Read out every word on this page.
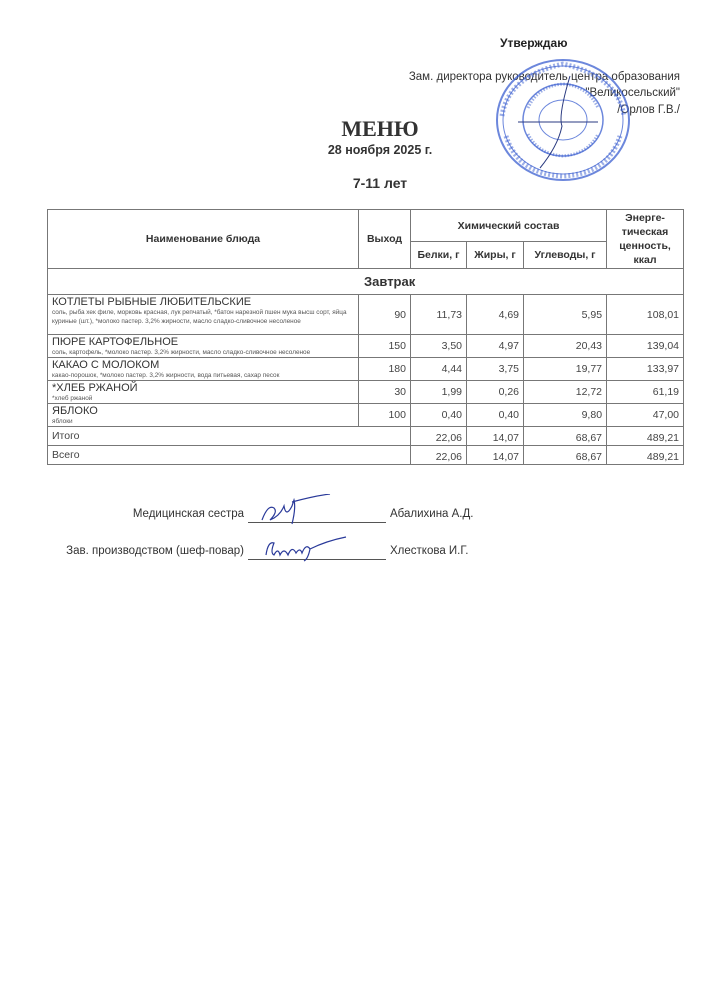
Утверждаю
Зам. директора руководитель центра образования
"Великосельский"
/Орлов Г.В./
МЕНЮ
28 ноября 2025 г.
7-11 лет
Наименование блюда	Выход	Химический состав			Энерге-тическая ценность, ккал
		Белки, г	Жиры, г	Углеводы, г	
Завтрак					

КОТЛЕТЫ РЫБНЫЕ ЛЮБИТЕЛЬСКИЕ
соль, рыба хек филе, морковь красная, лук репчатый, *батон нарезной пшен мука высш сорт, яйца куриные (шт.), *молоко пастер. 3,2% жирности, масло сладко-сливочное несоленое	90	11,73	4,69	5,95	108,01

ПЮРЕ КАРТОФЕЛЬНОЕ
соль, картофель, *молоко пастер. 3,2% жирности, масло сладко-сливочное несоленое	150	3,50	4,97	20,43	139,04

КАКАО С МОЛОКОМ
какао-порошок, *молоко пастер. 3,2% жирности, вода питьевая, сахар песок	180	4,44	3,75	19,77	133,97

*ХЛЕБ РЖАНОЙ
*хлеб ржаной	30	1,99	0,26	12,72	61,19

ЯБЛОКО
яблоки	100	0,40	0,40	9,80	47,00
Итого		22,06	14,07	68,67	489,21
Всего		22,06	14,07	68,67	489,21
Медицинская сестра	Абалихина А.Д.
Зав. производством (шеф-повар)	Хлесткова И.Г.
